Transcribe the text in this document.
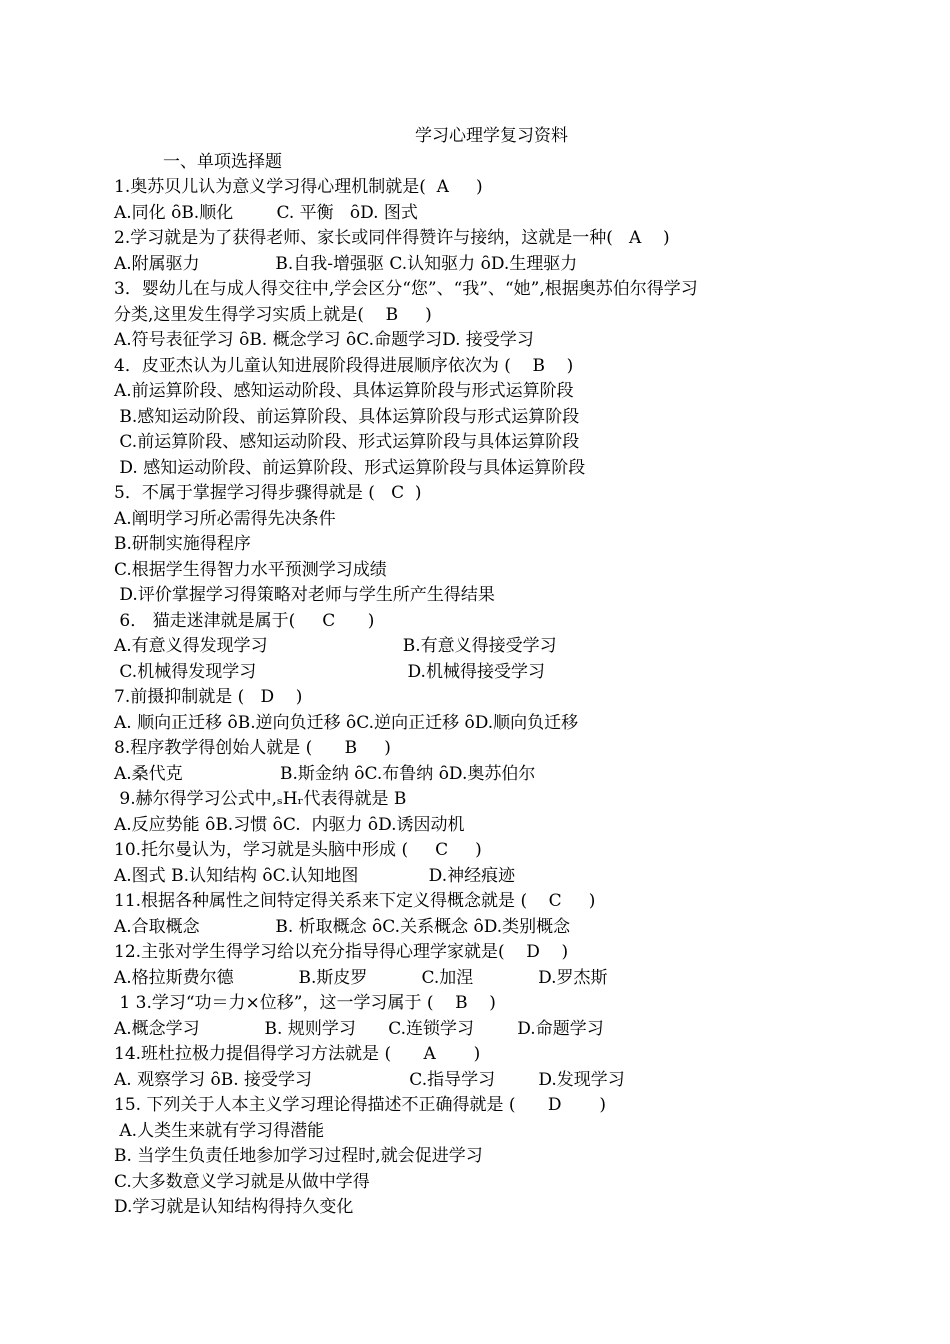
学习心理学复习资料
一、单项选择题
1.奥苏贝儿认为意义学习得心理机制就是(  A     )
A.同化 ȏB.顺化        C. 平衡   ȏD. 图式
2.学习就是为了获得老师、家长或同伴得赞许与接纳，这就是一种(   A    )
A.附属驱力              B.自我-增强驱 C.认知驱力 ȏD.生理驱力
3．婴幼儿在与成人得交往中,学会区分“您”、“我”、“她”,根据奥苏伯尔得学习
分类,这里发生得学习实质上就是(    B     )
A.符号表征学习 ȏB. 概念学习 ȏC.命题学习D. 接受学习
4．皮亚杰认为儿童认知进展阶段得进展顺序依次为 (    B    )
A.前运算阶段、感知运动阶段、具体运算阶段与形式运算阶段
B.感知运动阶段、前运算阶段、具体运算阶段与形式运算阶段
C.前运算阶段、感知运动阶段、形式运算阶段与具体运算阶段
D. 感知运动阶段、前运算阶段、形式运算阶段与具体运算阶段
5．不属于掌握学习得步骤得就是 (   C  )
A.阐明学习所必需得先决条件
B.研制实施得程序
C.根据学生得智力水平预测学习成绩
D.评价掌握学习得策略对老师与学生所产生得结果
6． 猫走迷津就是属于(     C      )
A.有意义得发现学习                         B.有意义得接受学习
C.机械得发现学习                            D.机械得接受学习
7.前摄抑制就是 (   D    )
A. 顺向正迁移 ȏB.逆向负迁移 ȏC.逆向正迁移 ȏD.顺向负迁移
8.程序教学得创始人就是 (      B     )
A.桑代克                  B.斯金纳 ȏC.布鲁纳 ȏD.奥苏伯尔
9.赫尔得学习公式中,ₛHᵣ代表得就是 B
A.反应势能 ȏB.习惯 ȏC.  内驱力 ȏD.诱因动机
10.托尔曼认为，学习就是头脑中形成 (     C     )
A.图式 B.认知结构 ȏC.认知地图             D.神经痕迹
11.根据各种属性之间特定得关系来下定义得概念就是 (    C     )
A.合取概念              B. 析取概念 ȏC.关系概念 ȏD.类别概念
12.主张对学生得学习给以充分指导得心理学家就是(    D    )
A.格拉斯费尔德            B.斯皮罗          C.加涅            D.罗杰斯
1 3.学习“功＝力×位移”，这一学习属于 (    B    )
A.概念学习            B. 规则学习      C.连锁学习        D.命题学习
14.班杜拉极力提倡得学习方法就是 (      A       )
A. 观察学习 ȏB. 接受学习                  C.指导学习        D.发现学习
15. 下列关于人本主义学习理论得描述不正确得就是 (      D       )
A.人类生来就有学习得潜能
B. 当学生负责任地参加学习过程时,就会促进学习
C.大多数意义学习就是从做中学得
D.学习就是认知结构得持久变化
